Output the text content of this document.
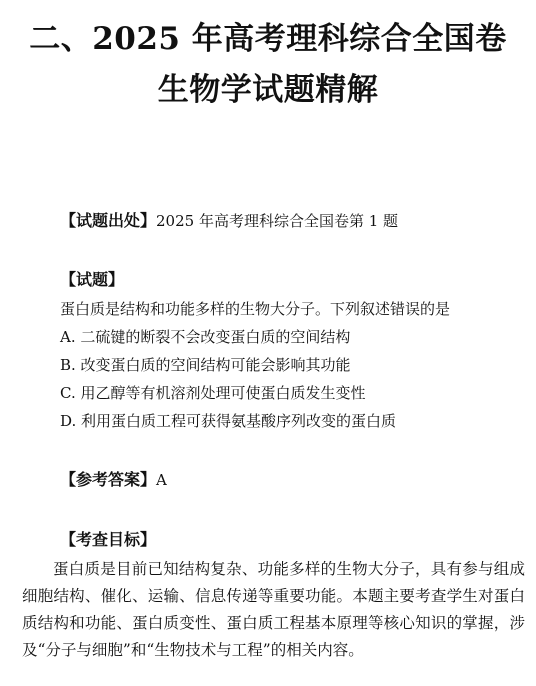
二、2025 年高考理科综合全国卷
生物学试题精解
【试题出处】2025 年高考理科综合全国卷第 1 题
【试题】
蛋白质是结构和功能多样的生物大分子。下列叙述错误的是
A. 二硫键的断裂不会改变蛋白质的空间结构
B. 改变蛋白质的空间结构可能会影响其功能
C. 用乙醇等有机溶剂处理可使蛋白质发生变性
D. 利用蛋白质工程可获得氨基酸序列改变的蛋白质
【参考答案】A
【考查目标】
蛋白质是目前已知结构复杂、功能多样的生物大分子，具有参与组成细胞结构、催化、运输、信息传递等重要功能。本题主要考查学生对蛋白质结构和功能、蛋白质变性、蛋白质工程基本原理等核心知识的掌握，涉及“分子与细胞”和“生物技术与工程”的相关内容。
